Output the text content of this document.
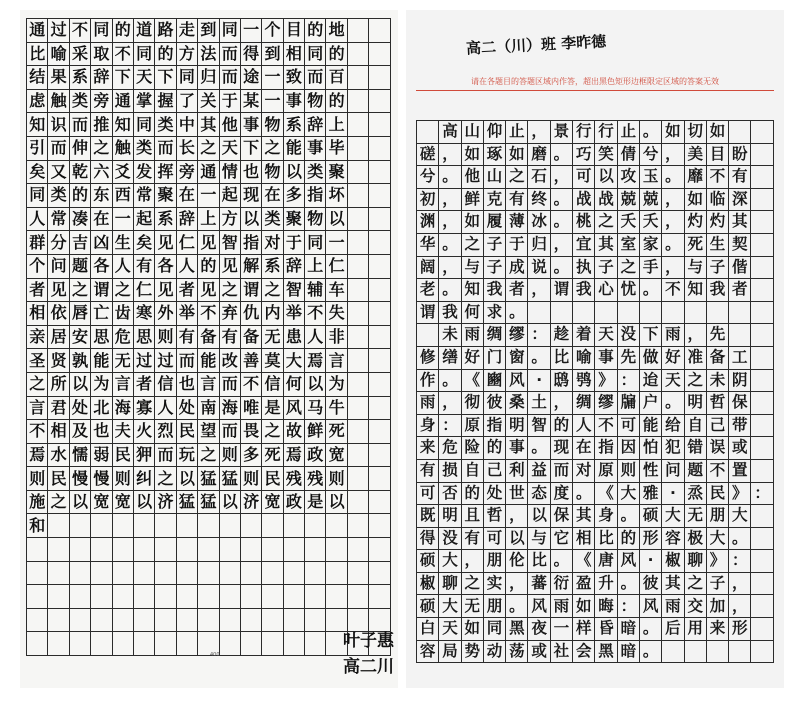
通 过 不 同 的 道 路 走 到 同 一 个 目 的 地
比 喻 采 取 不 同 的 方 法 而 得 到 相 同 的
结 果 系 辞 下 天 下 同 归 而 途 一 致 而 百
虑 触 类 旁 通 掌 握 了 关 于 某 一 事 物 的
知 识 而 推 知 同 类 中 其 他 事 物 系 辞 上
引 而 伸 之 触 类 而 长 之 天 下 之 能 事 毕
矣 又 乾 六 爻 发 挥 旁 通 情 也 物 以 类 聚
同 类 的 东 西 常 聚 在 一 起 现 在 多 指 坏
人 常 凑 在 一 起 系 辞 上 方 以 类 聚 物 以
群 分 吉 凶 生 矣 见 仁 见 智 指 对 于 同 一
个 问 题 各 人 有 各 人 的 见 解 系 辞 上 仁
者 见 之 谓 之 仁 见 者 见 之 谓 之 智 辅 车
相 依 唇 亡 齿 寒 外 举 不 弃 仇 内 举 不 失
亲 居 安 思 危 思 则 有 备 有 备 无 患 人 非
圣 贤 孰 能 无 过 过 而 能 改 善 莫 大 焉 言
之 所 以 为 言 者 信 也 言 而 不 信 何 以 为
言 君 处 北 海 寡 人 处 南 海 唯 是 风 马 牛
不 相 及 也 夫 火 烈 民 望 而 畏 之 故 鲜 死
焉 水 懦 弱 民 狎 而 玩 之 则 多 死 焉 政 宽
则 民 慢 慢 则 纠 之 以 猛 猛 则 民 残 残 则
施 之 以 宽 宽 以 济 猛 猛 以 济 宽 政 是 以
和
400
叶子惠
高二川
高二（川）班 李昨德
请在各题目的答题区域内作答，超出黑色矩形边框限定区域的答案无效
高 山 仰 止 ， 景 行 行 止 。 如 切 如
磋 ， 如 琢 如 磨 。 巧 笑 倩 兮 ， 美 目 盼
兮 。 他 山 之 石 ， 可 以 攻 玉 。 靡 不 有
初 ， 鲜 克 有 终 。 战 战 兢 兢 ， 如 临 深
渊 ， 如 履 薄 冰 。 桃 之 夭 夭 ， 灼 灼 其
华 。 之 子 于 归 ， 宜 其 室 家 。 死 生 契
阔 ， 与 子 成 说 。 执 子 之 手 ， 与 子 偕
老 。 知 我 者 ， 谓 我 心 忧 。 不 知 我 者
谓 我 何 求 。
未 雨 绸 缪 ： 趁 着 天 没 下 雨 ， 先
修 缮 好 门 窗 。 比 喻 事 先 做 好 准 备 工
作 。 《 豳 风 · 鸱 鸮 》 ： 迨 天 之 未 阴
雨 ， 彻 彼 桑 土 ， 绸 缪 牖 户 。 明 哲 保
身 ： 原 指 明 智 的 人 不 可 能 给 自 己 带
来 危 险 的 事 。 现 在 指 因 怕 犯 错 误 或
有 损 自 己 利 益 而 对 原 则 性 问 题 不 置
可 否 的 处 世 态 度 。 《 大 雅 · 烝 民 》 ：
既 明 且 哲 ， 以 保 其 身 。 硕 大 无 朋 大
得 没 有 可 以 与 它 相 比 的 形 容 极 大 。
硕 大 ， 朋 伦 比 。 《 唐 风 · 椒 聊 》 ：
椒 聊 之 实 ， 蕃 衍 盈 升 。 彼 其 之 子 ，
硕 大 无 朋 。 风 雨 如 晦 ： 风 雨 交 加 ，
白 天 如 同 黑 夜 一 样 昏 暗 。 后 用 来 形
容 局 势 动 荡 或 社 会 黑 暗 。
